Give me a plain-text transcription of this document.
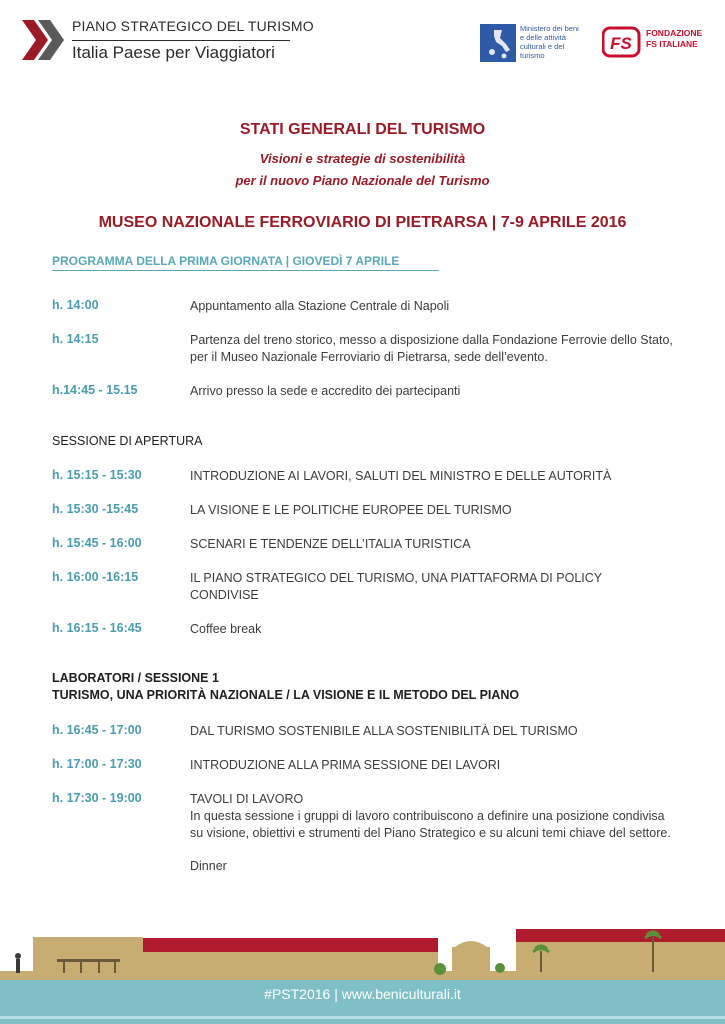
PIANO STRATEGICO DEL TURISMO
Italia Paese per Viaggiatori
Ministero dei beni e delle attività culturali e del turismo
FS
FONDAZIONE
FS ITALIANE
STATI GENERALI DEL TURISMO
Visioni e strategie di sostenibilità
per il nuovo Piano Nazionale del Turismo
MUSEO NAZIONALE FERROVIARIO DI PIETRARSA | 7-9 APRILE 2016
PROGRAMMA DELLA PRIMA GIORNATA | GIOVEDÌ 7 APRILE
h. 14:00	Appuntamento alla Stazione Centrale di Napoli
h. 14:15	Partenza del treno storico, messo a disposizione dalla Fondazione Ferrovie dello Stato, per il Museo Nazionale Ferroviario di Pietrarsa, sede dell’evento.
h.14:45 - 15.15	Arrivo presso la sede e accredito dei partecipanti
SESSIONE DI APERTURA
h. 15:15 - 15:30	INTRODUZIONE AI LAVORI, SALUTI DEL MINISTRO E DELLE AUTORITÀ
h. 15:30 -15:45	LA VISIONE E LE POLITICHE EUROPEE DEL TURISMO
h. 15:45 - 16:00	SCENARI E TENDENZE DELL’ITALIA TURISTICA
h. 16:00 -16:15	IL PIANO STRATEGICO DEL TURISMO, UNA PIATTAFORMA DI POLICY CONDIVISE
h. 16:15 - 16:45	Coffee break
LABORATORI / SESSIONE 1
TURISMO, UNA PRIORITÀ NAZIONALE / LA VISIONE E IL METODO DEL PIANO
h. 16:45 - 17:00	DAL TURISMO SOSTENIBILE ALLA SOSTENIBILITÀ DEL TURISMO
h. 17:00 - 17:30	INTRODUZIONE ALLA PRIMA SESSIONE DEI LAVORI
h. 17:30 - 19:00	TAVOLI DI LAVORO
In questa sessione i gruppi di lavoro contribuiscono a definire una posizione condivisa su visione, obiettivi e strumenti del Piano Strategico e su alcuni temi chiave del settore.
Dinner
#PST2016 | www.beniculturali.it
